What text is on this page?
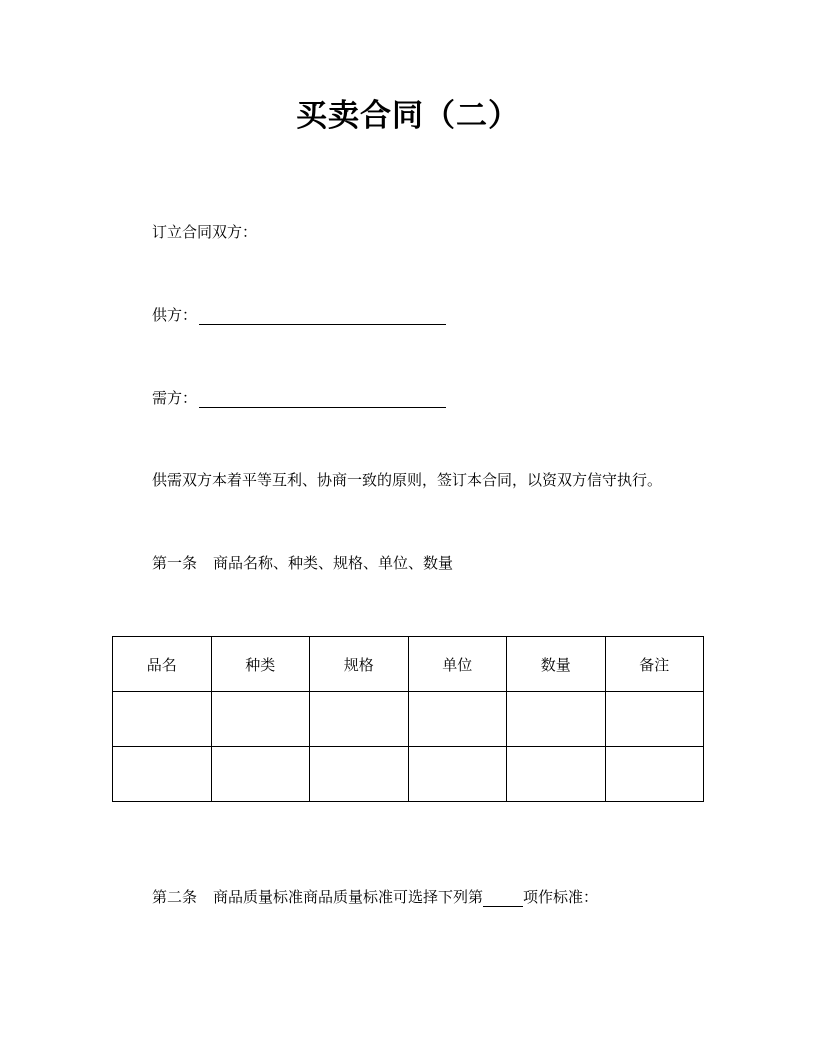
买卖合同（二）
订立合同双方：
供方：
需方：
供需双方本着平等互利、协商一致的原则，签订本合同，以资双方信守执行。
第一条 商品名称、种类、规格、单位、数量
品名	种类	规格	单位	数量	备注

第二条 商品质量标准商品质量标准可选择下列第	项作标准：
